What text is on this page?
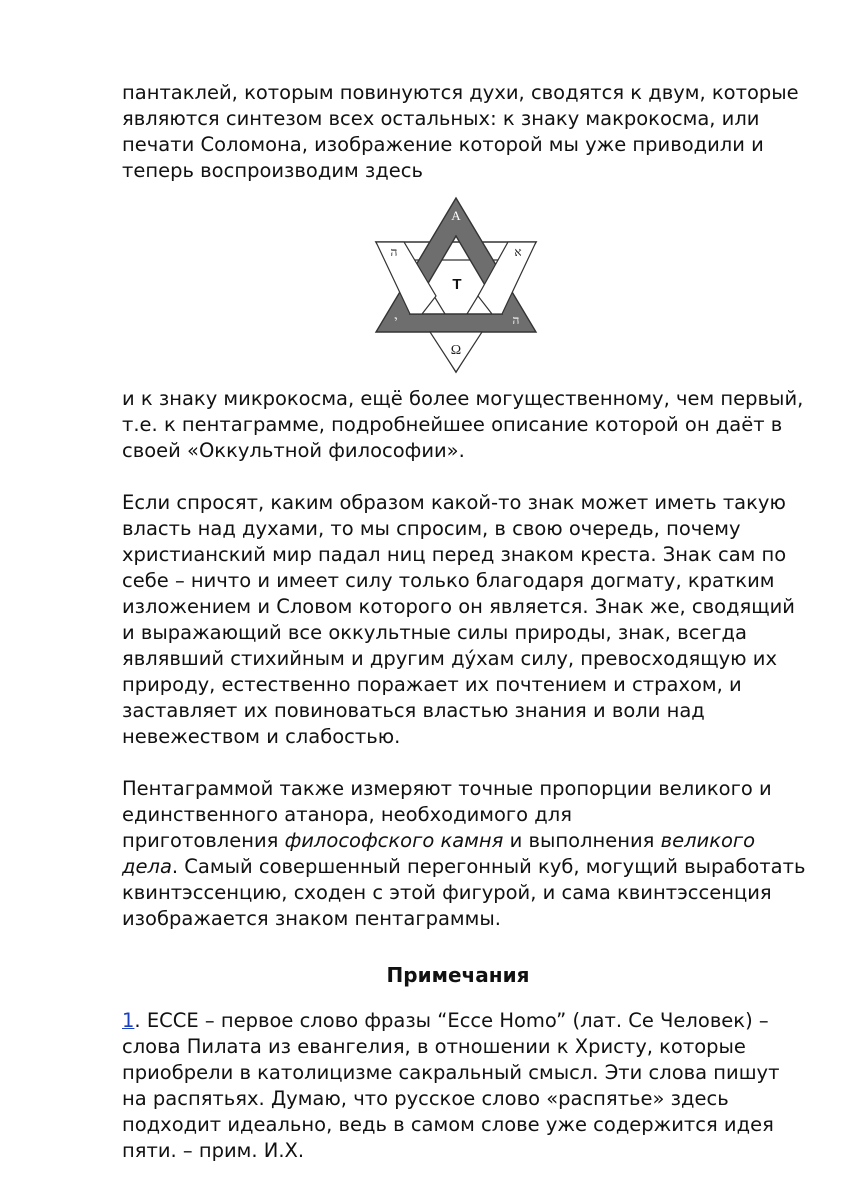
пантаклей, которым повинуются духи, сводятся к двум, которые
являются синтезом всех остальных: к знаку макрокосма, или
печати Соломона, изображение которой мы уже приводили и
теперь воспроизводим здесь

A
ה	א
T
י	ה
Ω

и к знаку микрокосма, ещё более могущественному, чем первый,
т.е. к пентаграмме, подробнейшее описание которой он даёт в
своей «Оккультной философии».

Если спросят, каким образом какой-то знак может иметь такую
власть над духами, то мы спросим, в свою очередь, почему
христианский мир падал ниц перед знаком креста. Знак сам по
себе – ничто и имеет силу только благодаря догмату, кратким
изложением и Словом которого он является. Знак же, сводящий
и выражающий все оккультные силы природы, знак, всегда
являвший стихийным и другим ду́хам силу, превосходящую их
природу, естественно поражает их почтением и страхом, и
заставляет их повиноваться властью знания и воли над
невежеством и слабостью.

Пентаграммой также измеряют точные пропорции великого и
единственного атанора, необходимого для
приготовления философского камня и выполнения великого
дела. Самый совершенный перегонный куб, могущий выработать
квинтэссенцию, сходен с этой фигурой, и сама квинтэссенция
изображается знаком пентаграммы.

Примечания

1. ECCE – первое слово фразы “Ecce Homo” (лат. Се Человек) –
слова Пилата из евангелия, в отношении к Христу, которые
приобрели в католицизме сакральный смысл. Эти слова пишут
на распятьях. Думаю, что русское слово «распятье» здесь
подходит идеально, ведь в самом слове уже содержится идея
пяти. – прим. И.Х.
